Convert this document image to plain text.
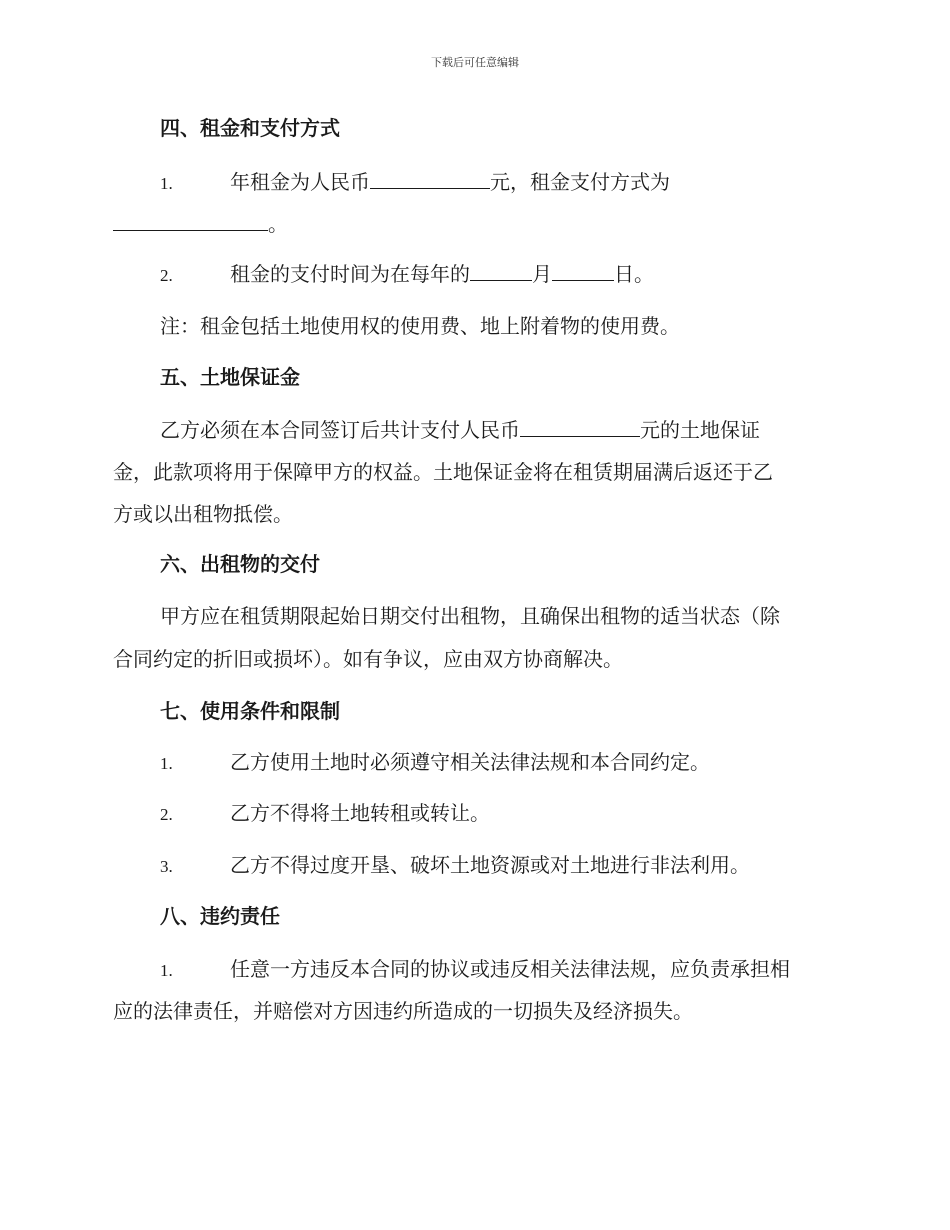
下载后可任意编辑
四、租金和支付方式
1.	年租金为人民币	元，租金支付方式为
。
2.	租金的支付时间为在每年的	月	日。
注：租金包括土地使用权的使用费、地上附着物的使用费。
五、土地保证金
乙方必须在本合同签订后共计支付人民币	元的土地保证
金，此款项将用于保障甲方的权益。土地保证金将在租赁期届满后返还于乙
方或以出租物抵偿。
六、出租物的交付
甲方应在租赁期限起始日期交付出租物，且确保出租物的适当状态（除
合同约定的折旧或损坏）。如有争议，应由双方协商解决。
七、使用条件和限制
1.	乙方使用土地时必须遵守相关法律法规和本合同约定。
2.	乙方不得将土地转租或转让。
3.	乙方不得过度开垦、破坏土地资源或对土地进行非法利用。
八、违约责任
1.	任意一方违反本合同的协议或违反相关法律法规，应负责承担相
应的法律责任，并赔偿对方因违约所造成的一切损失及经济损失。
